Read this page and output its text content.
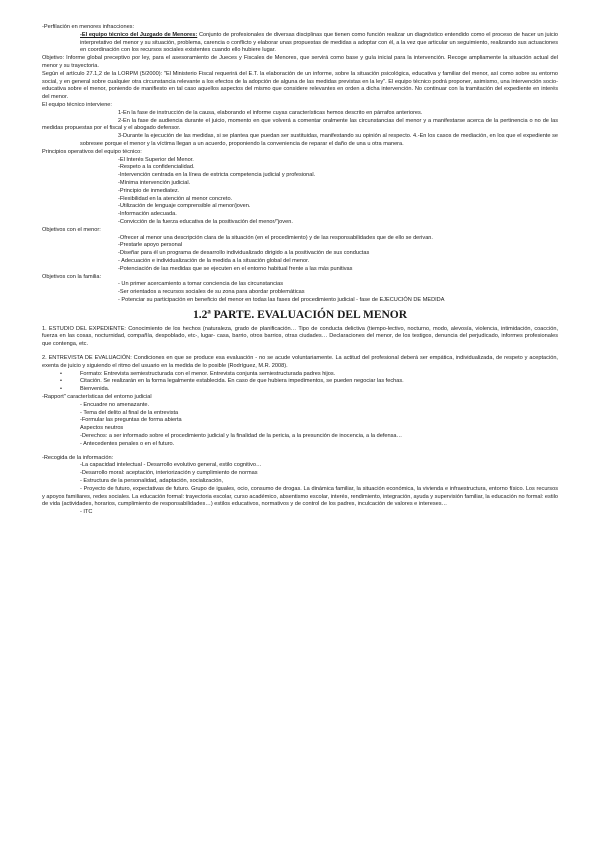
-Perfilación en menores infracciones:

-El equipo técnico del Juzgado de Menores: Conjunto de profesionales de diversas disciplinas que tienen como función realizar un diagnóstico entendido como el proceso de hacer un juicio interpretativo del menor y su situación, problema, carencia o conflicto y elaborar unas propuestas de medidas a adoptar con él, a la vez que articular un seguimiento, realizando sus actuaciones en coordinación con los recursos sociales existentes cuando ello hubiere lugar.

Objetivo: Informe global preceptivo por ley, para el asesoramiento de Jueces y Fiscales de Menores, que servirá como base y guía inicial para la intervención. Recoge ampliamente la situación actual del menor y su trayectoria.

Según el artículo 27.1,2 de la LORPM (5/2000): "El Ministerio Fiscal requerirá del E.T. la elaboración de un informe, sobre la situación psicológica, educativa y familiar del menor, así como sobre su entorno social, y en general sobre cualquier otra circunstancia relevante a los efectos de la adopción de alguna de las medidas previstas en la ley". El equipo técnico podrá proponer, asimismo, una intervención socio-educativa sobre el menor, poniendo de manifiesto en tal caso aquellos aspectos del mismo que considere relevantes en orden a dicha intervención. No continuar con la tramitación del expediente en interés del menor.

El equipo técnico interviene:

1-En la fase de instrucción de la causa, elaborando el informe cuyas características hemos descrito en párrafos anteriores.

2-En la fase de audiencia durante el juicio, momento en que volverá a comentar oralmente las circunstancias del menor y a manifestarse acerca de la pertinencia o no de las medidas propuestas por el fiscal y el abogado defensor.

3-Durante la ejecución de las medidas, si se plantea que puedan ser sustituidas, manifestando su opinión al respecto. 4.-En los casos de mediación, en los que el expediente se sobresee porque el menor y la víctima llegan a un acuerdo, proponiendo la conveniencia de reparar el daño de una u otra manera.

Principios operativos del equipo técnico:

-El Interés Superior del Menor.

-Respeto a la confidencialidad.

-Intervención centrada en la línea de estricta competencia judicial y profesional.

-Mínima intervención judicial.

-Principio de inmediatez.

-Flexibilidad en la atención al menor concreto.

-Utilización de lenguaje comprensible al menor/joven.

-Información adecuada.

-Convicción de la fuerza educativa de la positivación del menor/"joven.

Objetivos con el menor:

-Ofrecer al menor una descripción clara de la situación (en el procedimiento) y de las responsabilidades que de ello se derivan.

-Prestarle apoyo personal

-Diseñar para él un programa de desarrollo individualizado dirigido a la positivación de sus conductas

- Adecuación e individualización de la medida a la situación global del menor.

-Potenciación de las medidas que se ejecuten en el entorno habitual frente a las más punitivas

Objetivos con la familia:

- Un primer acercamiento a tomar conciencia de las circunstancias

-Ser orientados a recursos sociales de su zona para abordar problemáticas

- Potenciar su participación en beneficio del menor en todas las fases del procedimiento judicial - fase de EJECUCIÓN DE MEDIDA

1.2ª PARTE. EVALUACIÓN DEL MENOR

1. ESTUDIO DEL EXPEDIENTE: Conocimiento de los hechos (naturaleza, grado de planificación… Tipo de conducta delictiva (tiempo-lectivo, nocturno, modo, alevosía, violencia, intimidación, coacción, fuerza en las cosas, nocturnidad, compañía, despoblado, etc-, lugar- casa, barrio, otros barrios, otras ciudades… Declaraciones del menor, de los testigos, denuncia del perjudicado, informes profesionales que contenga, etc.

2. ENTREVISTA DE EVALUACIÓN: Condiciones en que se produce esa evaluación - no se acude voluntariamente. La actitud del profesional deberá ser empática, individualizada, de respeto y aceptación, exenta de juicio y siguiendo el ritmo del usuario en la medida de lo posible (Rodríguez, M.R. 2008).

•	Formato: Entrevista semiestructurada con el menor. Entrevista conjunta semiestructurada padres hijos.

•	Citación. Se realizarán en la forma legalmente establecida. En caso de que hubiera impedimentos, se pueden negociar las fechas.

•	Bienvenida.

-Rapport" características del entorno judicial

- Encuadre no amenazante.

- Tema del delito al final de la entrevista

-Formular las preguntas de forma abierta

Aspectos neutros

-Derechos: a ser informado sobre el procedimiento judicial y la finalidad de la pericia, a la presunción de inocencia, a la defensa…

- Antecedentes penales o en el futuro.

-Recogida de la información:

-La capacidad intelectual - Desarrollo evolutivo general, estilo cognitivo…

-Desarrollo moral: aceptación, interiorización y cumplimiento de normas

- Estructura de la personalidad, adaptación, socialización,

- Proyecto de futuro, expectativas de futuro. Grupo de iguales, ocio, consumo de drogas. La dinámica familiar, la situación económica, la vivienda e infraestructura, entorno físico. Los recursos y apoyos familiares, redes sociales. La educación formal: trayectoria escolar, curso académico, absentismo escolar, interés, rendimiento, integración, ayuda y supervisión familiar, la educación no formal: estilo de vida (actividades, horarios, cumplimiento de responsabilidades…) estilos educativos, normativos y de control de los padres, inculcación de valores e intereses…

- ITC
